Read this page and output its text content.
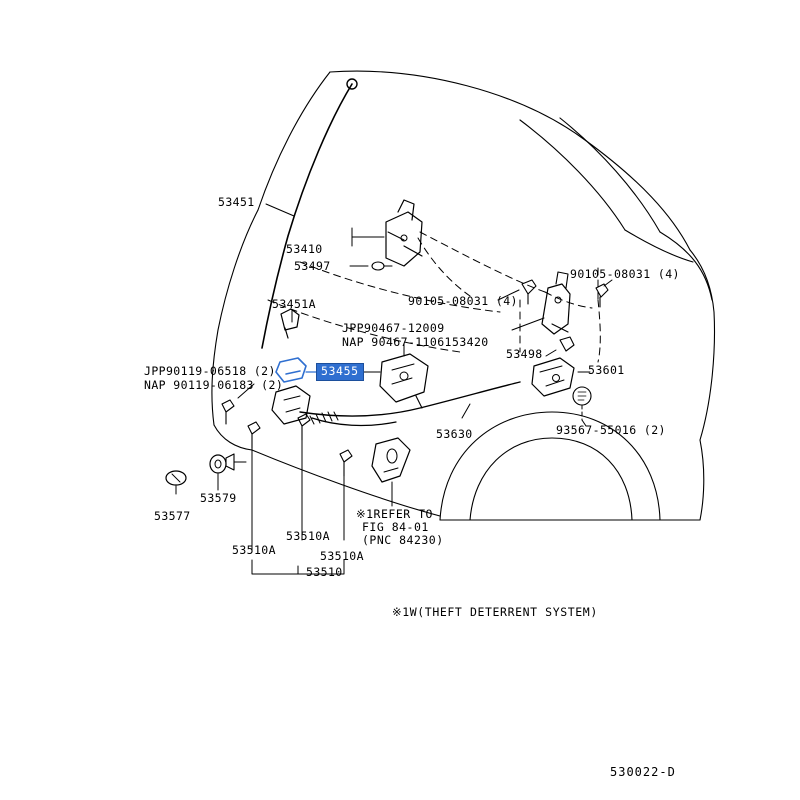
53451
53410
53497
53451A
90105-08031 (4)
90105-08031 (4)
JPP90467-12009
NAP 90467-11061 53420
53498
53601
JPP90119-06518 (2)
NAP 90119-06183 (2)
53455
53630	93567-55016 (2)
53577
53579
53510A
53510A	53510A
53510
※1REFER TO
FIG 84-01
(PNC 84230)
※1W(THEFT DETERRENT SYSTEM)
530022-D
